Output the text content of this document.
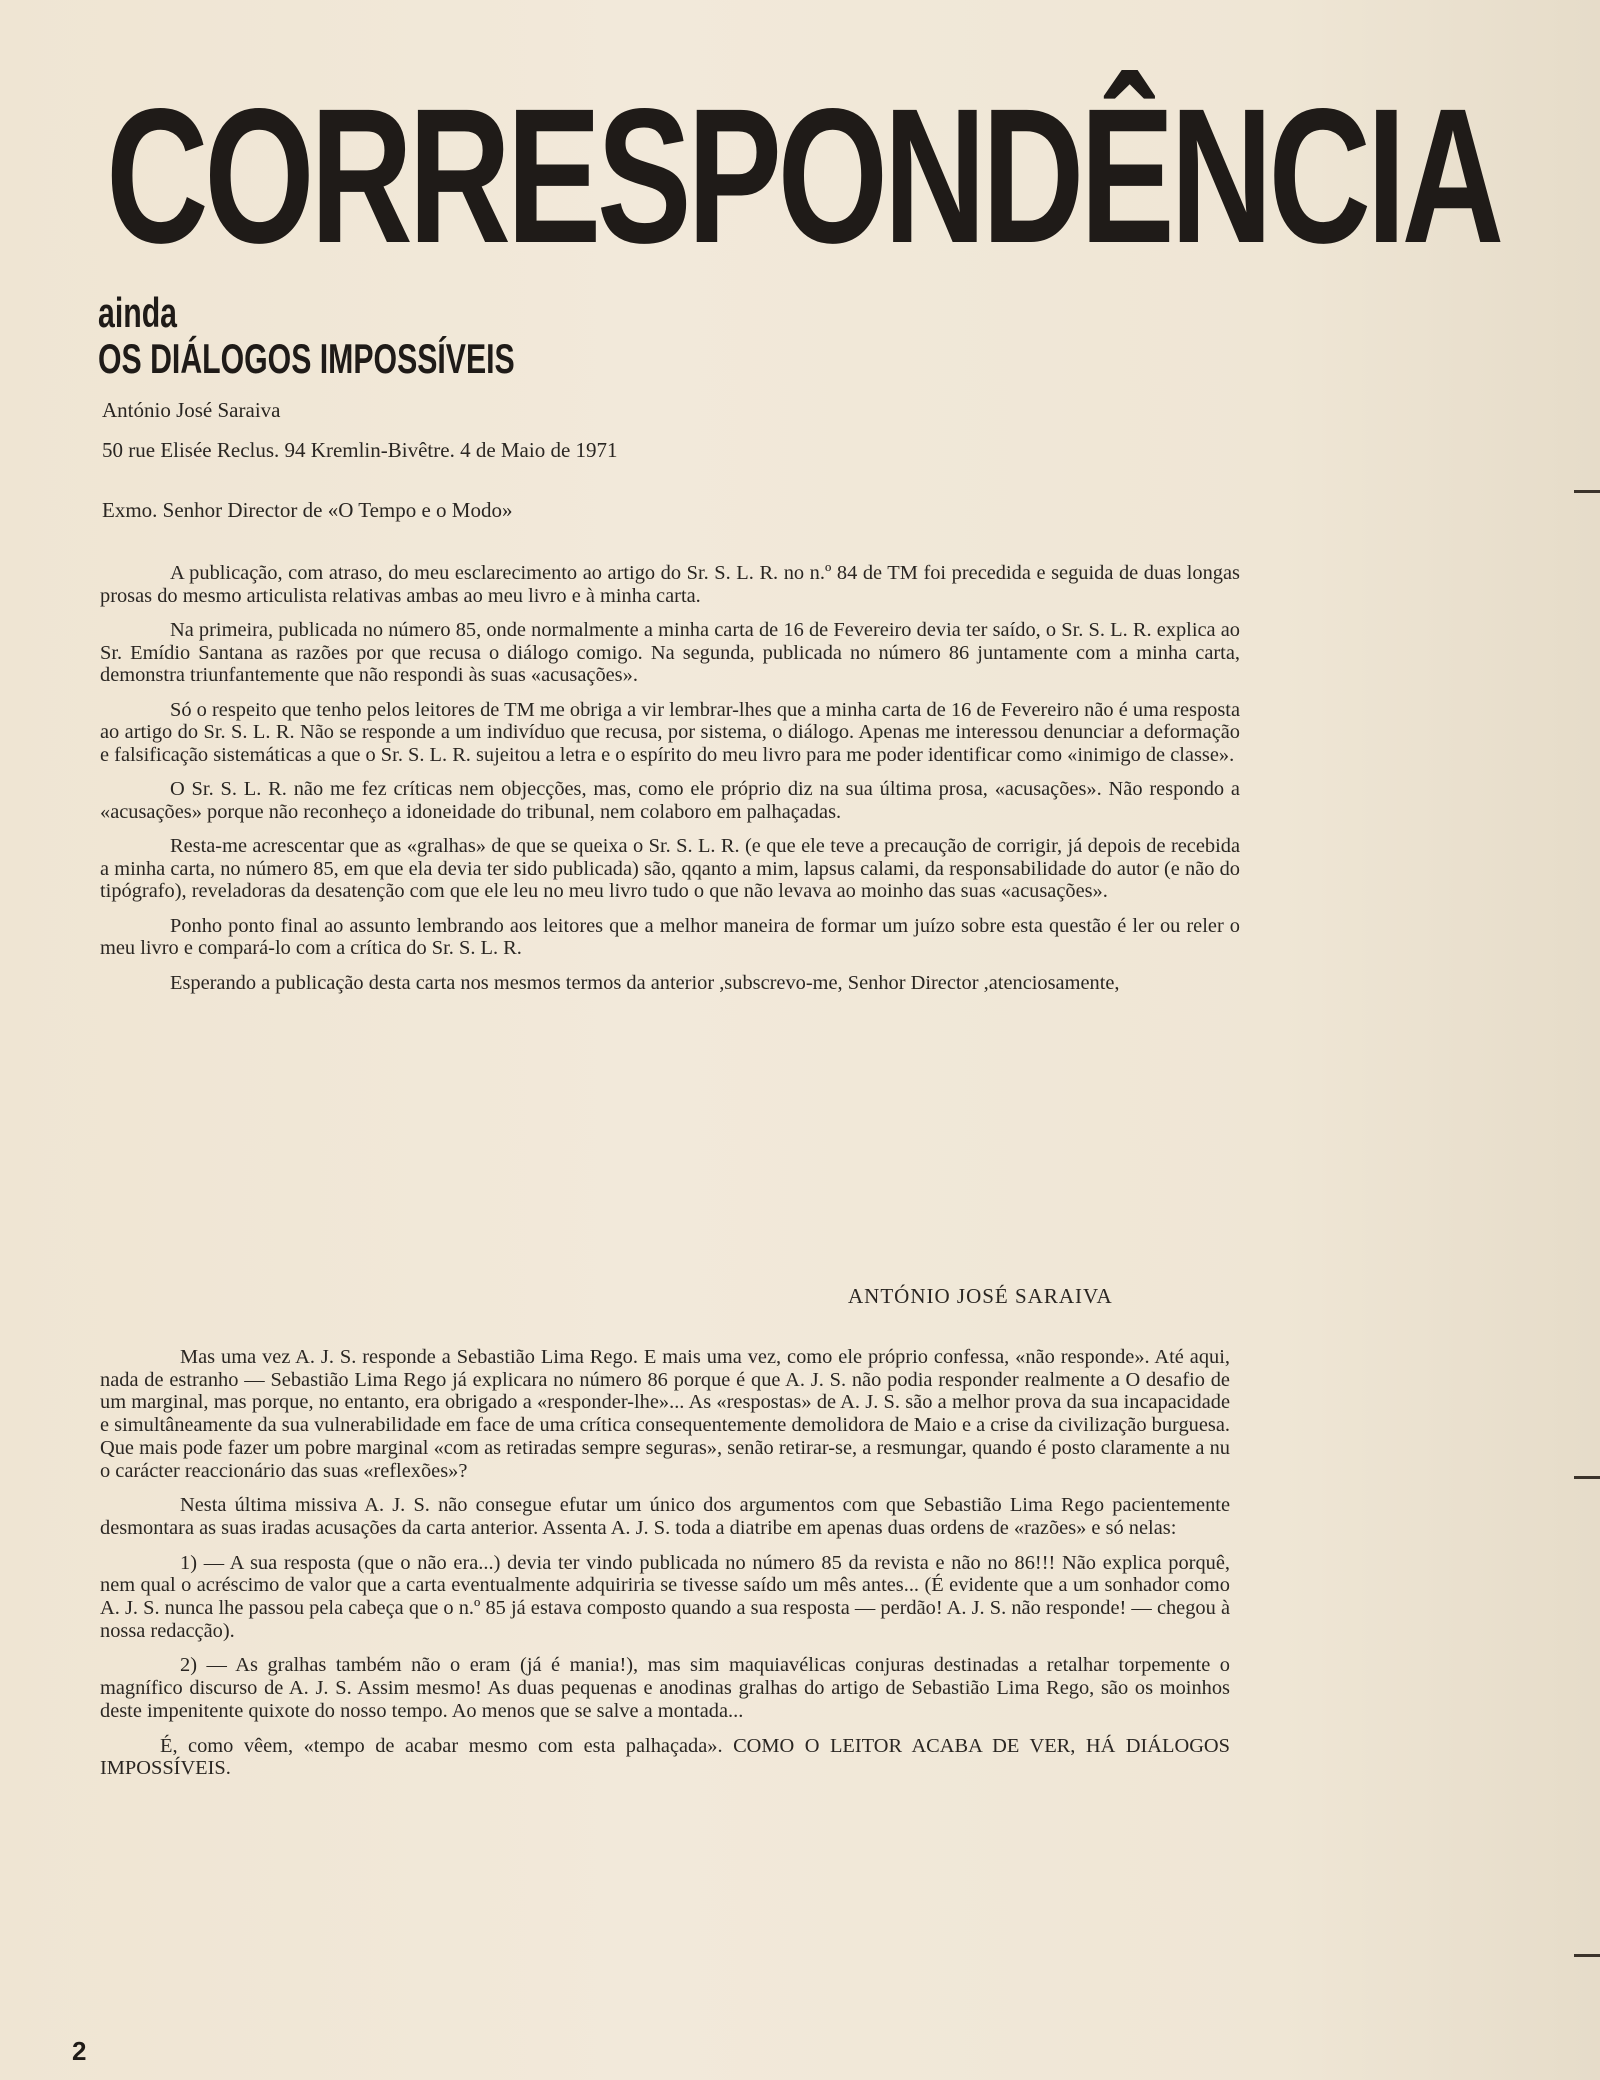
CORRESPONDÊNCIA
ainda
OS DIÁLOGOS IMPOSSÍVEIS
António José Saraiva
50 rue Elisée Reclus. 94 Kremlin-Bivêtre. 4 de Maio de 1971
Exmo. Senhor Director de «O Tempo e o Modo»

A publicação, com atraso, do meu esclarecimento ao artigo do Sr. S. L. R. no n.º 84 de TM foi precedida e seguida de duas longas prosas do mesmo articulista relativas ambas ao meu livro e à minha carta.

Na primeira, publicada no número 85, onde normalmente a minha carta de 16 de Fevereiro devia ter saído, o Sr. S. L. R. explica ao Sr. Emídio Santana as razões por que recusa o diálogo comigo. Na segunda, publicada no número 86 juntamente com a minha carta, demonstra triunfantemente que não respondi às suas «acusações».

Só o respeito que tenho pelos leitores de TM me obriga a vir lembrar-lhes que a minha carta de 16 de Fevereiro não é uma resposta ao artigo do Sr. S. L. R. Não se responde a um indivíduo que recusa, por sistema, o diálogo. Apenas me interessou denunciar a deformação e falsificação sistemáticas a que o Sr. S. L. R. sujeitou a letra e o espírito do meu livro para me poder identificar como «inimigo de classe».

O Sr. S. L. R. não me fez críticas nem objecções, mas, como ele próprio diz na sua última prosa, «acusações». Não respondo a «acusações» porque não reconheço a idoneidade do tribunal, nem colaboro em palhaçadas.

Resta-me acrescentar que as «gralhas» de que se queixa o Sr. S. L. R. (e que ele teve a precaução de corrigir, já depois de recebida a minha carta, no número 85, em que ela devia ter sido publicada) são, qqanto a mim, lapsus calami, da responsabilidade do autor (e não do tipógrafo), reveladoras da desatenção com que ele leu no meu livro tudo o que não levava ao moinho das suas «acusações».

Ponho ponto final ao assunto lembrando aos leitores que a melhor maneira de formar um juízo sobre esta questão é ler ou reler o meu livro e compará-lo com a crítica do Sr. S. L. R.

Esperando a publicação desta carta nos mesmos termos da anterior ,subscrevo-me, Senhor Director ,atenciosamente,

ANTÓNIO JOSÉ SARAIVA

Mas uma vez A. J. S. responde a Sebastião Lima Rego. E mais uma vez, como ele próprio confessa, «não responde». Até aqui, nada de estranho — Sebastião Lima Rego já explicara no número 86 porque é que A. J. S. não podia responder realmente a O desafio de um marginal, mas porque, no entanto, era obrigado a «responder-lhe»... As «respostas» de A. J. S. são a melhor prova da sua incapacidade e simultâneamente da sua vulnerabilidade em face de uma crítica consequentemente demolidora de Maio e a crise da civilização burguesa. Que mais pode fazer um pobre marginal «com as retiradas sempre seguras», senão retirar-se, a resmungar, quando é posto claramente a nu o carácter reaccionário das suas «reflexões»?

Nesta última missiva A. J. S. não consegue efutar um único dos argumentos com que Sebastião Lima Rego pacientemente desmontara as suas iradas acusações da carta anterior. Assenta A. J. S. toda a diatribe em apenas duas ordens de «razões» e só nelas:

1) — A sua resposta (que o não era...) devia ter vindo publicada no número 85 da revista e não no 86!!! Não explica porquê, nem qual o acréscimo de valor que a carta eventualmente adquiriria se tivesse saído um mês antes... (É evidente que a um sonhador como A. J. S. nunca lhe passou pela cabeça que o n.º 85 já estava composto quando a sua resposta — perdão! A. J. S. não responde! — chegou à nossa redacção).

2) — As gralhas também não o eram (já é mania!), mas sim maquiavélicas conjuras destinadas a retalhar torpemente o magnífico discurso de A. J. S. Assim mesmo! As duas pequenas e anodinas gralhas do artigo de Sebastião Lima Rego, são os moinhos deste impenitente quixote do nosso tempo. Ao menos que se salve a montada...

É, como vêem, «tempo de acabar mesmo com esta palhaçada». COMO O LEITOR ACABA DE VER, HÁ DIÁLOGOS IMPOSSÍVEIS.

2
